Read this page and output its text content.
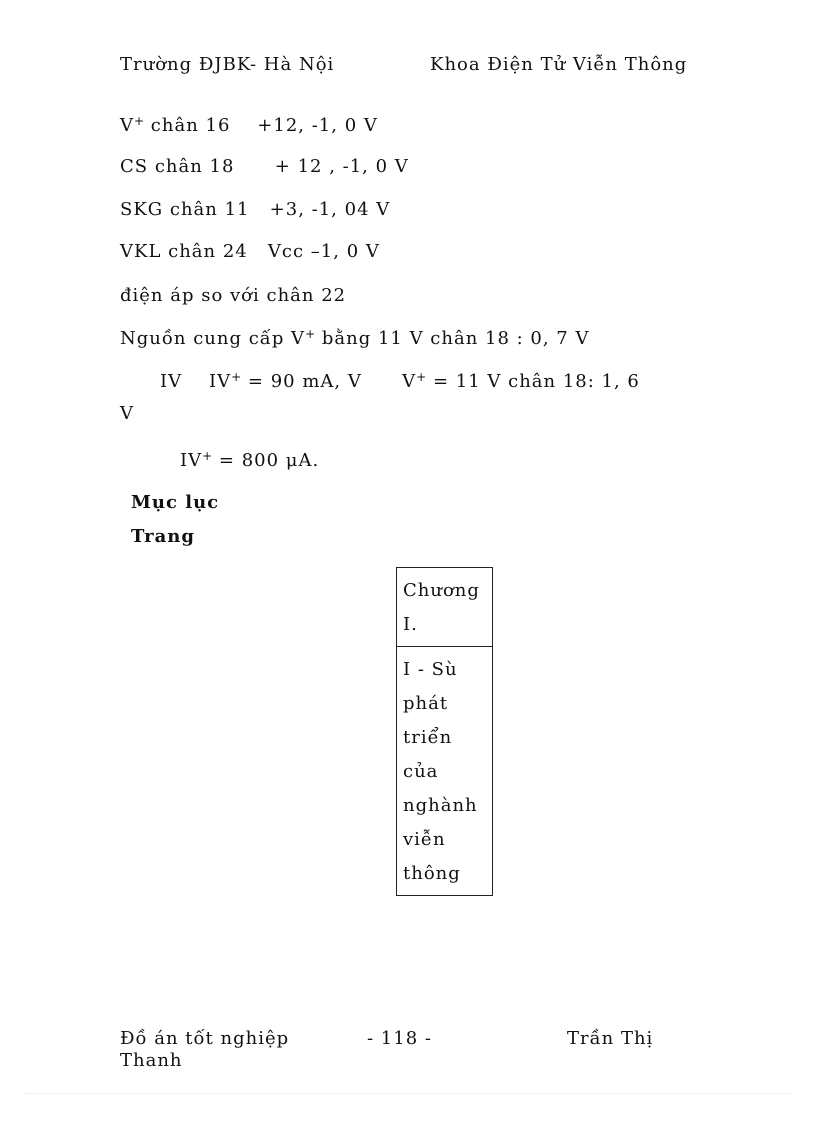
Trường ĐJBK- Hà Nội	Khoa Điện Tử Viễn Thông
V+ chân 16    +12, -1, 0 V
CS chân 18      + 12 , -1, 0 V
SKG chân 11   +3, -1, 04 V
VKL chân 24   Vcc –1, 0 V
điện áp so với chân 22
Nguồn cung cấp V+ bằng 11 V chân 18 : 0, 7 V
IV    IV+ = 90 mA, V      V+ = 11 V chân 18: 1, 6
V
IV+ = 800 μA.
Mục lục
Trang
Chương
I.
I - Sù
phát
triển
của
nghành
viễn
thông
Đồ án tốt nghiệp
Thanh
- 118 -	Trần Thị
